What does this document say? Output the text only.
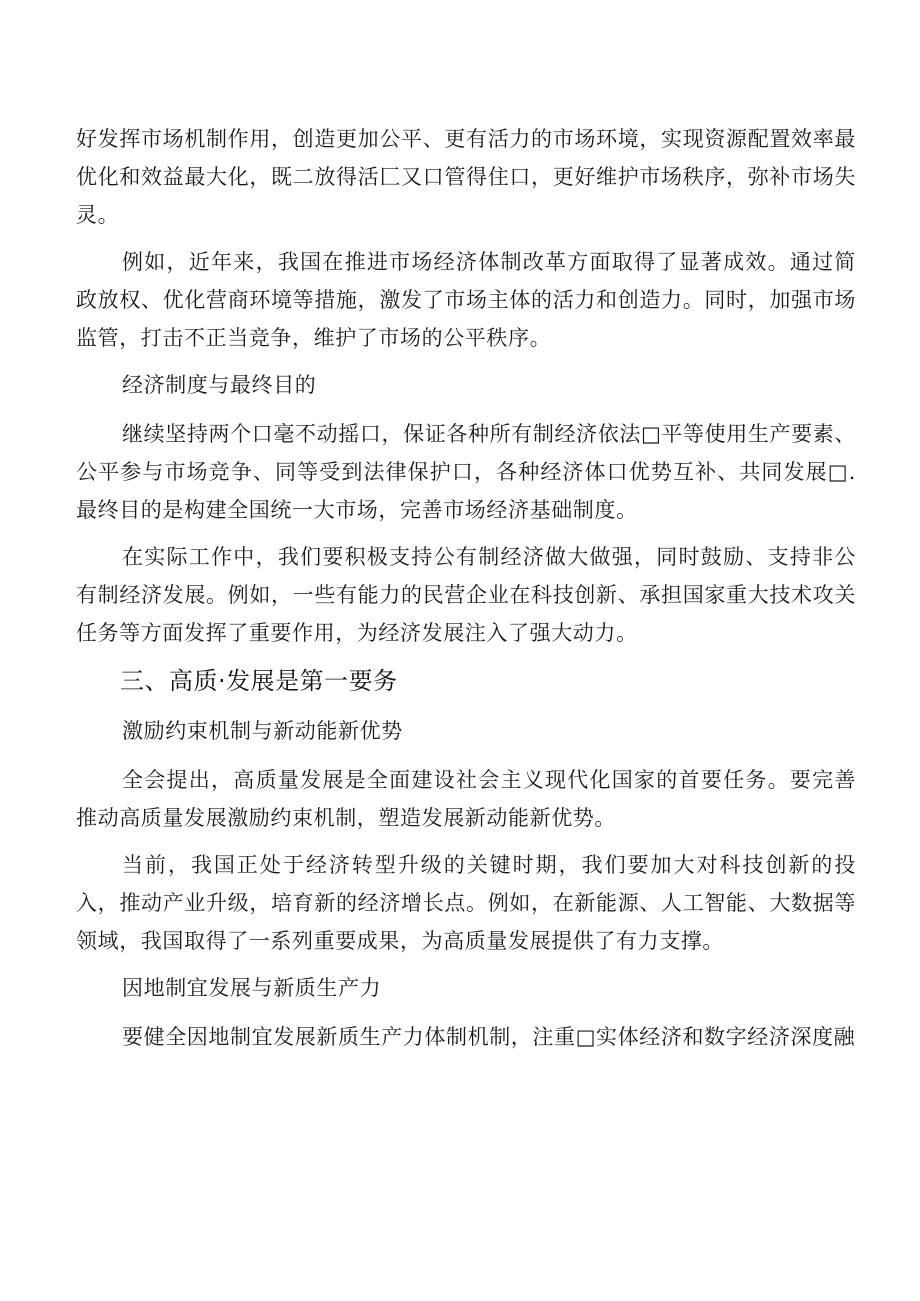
好发挥市场机制作用，创造更加公平、更有活力的市场环境，实现资源配置效率最优化和效益最大化，既二放得活匚又口管得住口，更好维护市场秩序，弥补市场失灵。

例如，近年来，我国在推进市场经济体制改革方面取得了显著成效。通过简政放权、优化营商环境等措施，激发了市场主体的活力和创造力。同时，加强市场监管，打击不正当竞争，维护了市场的公平秩序。

经济制度与最终目的

继续坚持两个口毫不动摇口，保证各种所有制经济依法□平等使用生产要素、公平参与市场竞争、同等受到法律保护口，各种经济体口优势互补、共同发展□.最终目的是构建全国统一大市场，完善市场经济基础制度。

在实际工作中，我们要积极支持公有制经济做大做强，同时鼓励、支持非公有制经济发展。例如，一些有能力的民营企业在科技创新、承担国家重大技术攻关任务等方面发挥了重要作用，为经济发展注入了强大动力。

三、高质·发展是第一要务

激励约束机制与新动能新优势

全会提出，高质量发展是全面建设社会主义现代化国家的首要任务。要完善推动高质量发展激励约束机制，塑造发展新动能新优势。

当前，我国正处于经济转型升级的关键时期，我们要加大对科技创新的投入，推动产业升级，培育新的经济增长点。例如，在新能源、人工智能、大数据等领域，我国取得了一系列重要成果，为高质量发展提供了有力支撑。

因地制宜发展与新质生产力

要健全因地制宜发展新质生产力体制机制，注重□实体经济和数字经济深度融
